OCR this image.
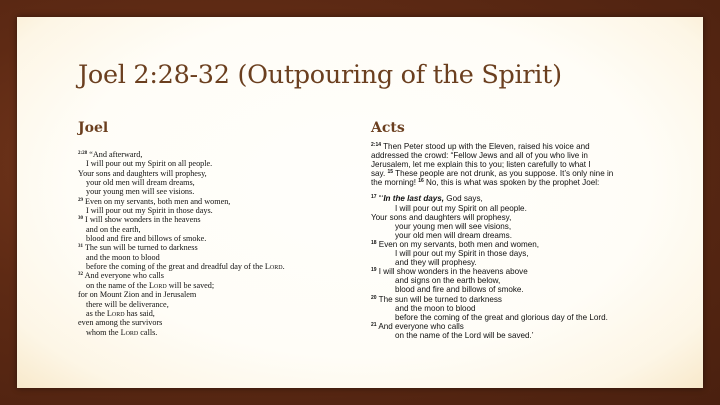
Joel 2:28-32 (Outpouring of the Spirit)
Joel	Acts
$^{2:28}$ “And afterward,
I will pour out my Spirit on all people.
Your sons and daughters will prophesy,
your old men will dream dreams,
your young men will see visions.
$^{29}$ Even on my servants, both men and women,
I will pour out my Spirit in those days.
$^{30}$ I will show wonders in the heavens
and on the earth,
blood and fire and billows of smoke.
$^{31}$ The sun will be turned to darkness
and the moon to blood
before the coming of the great and dreadful day of the Lord.
$^{32}$ And everyone who calls
on the name of the Lord will be saved;
for on Mount Zion and in Jerusalem
there will be deliverance,
as the Lord has said,
even among the survivors
whom the Lord calls.
$^{2:14}$ Then Peter stood up with the Eleven, raised his voice and
addressed the crowd: “Fellow Jews and all of you who live in
Jerusalem, let me explain this to you; listen carefully to what I
say. $^{15}$ These people are not drunk, as you suppose. It’s only nine in
the morning! $^{16}$ No, this is what was spoken by the prophet Joel:
$^{17}$ “‘In the last days, God says,
I will pour out my Spirit on all people.
Your sons and daughters will prophesy,
your young men will see visions,
your old men will dream dreams.
$^{18}$ Even on my servants, both men and women,
I will pour out my Spirit in those days,
and they will prophesy.
$^{19}$ I will show wonders in the heavens above
and signs on the earth below,
blood and fire and billows of smoke.
$^{20}$ The sun will be turned to darkness
and the moon to blood
before the coming of the great and glorious day of the Lord.
$^{21}$ And everyone who calls
on the name of the Lord will be saved.’
